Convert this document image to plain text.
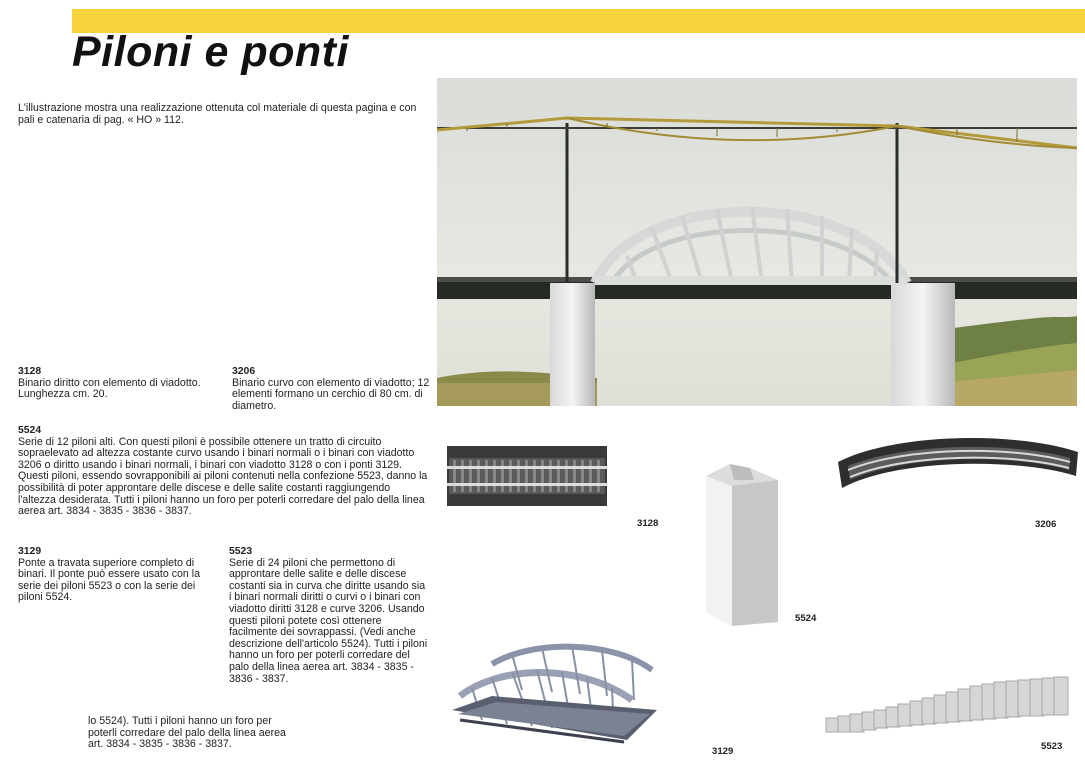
Piloni e ponti
L'illustrazione mostra una realizzazione ottenuta col materiale di questa pagina e con pali e catenaria di pag. « HO » 112.
3128
Binario diritto con elemento di viadotto. Lunghezza cm. 20.
3206
Binario curvo con elemento di viadotto; 12 elementi formano un cerchio di 80 cm. di diametro.
5524
Serie di 12 piloni alti. Con questi piloni è possibile ottenere un tratto di circuito sopraelevato ad altezza costante curvo usando i binari normali o i binari con viadotto 3206 o diritto usando i binari normali, i binari con viadotto 3128 o con i ponti 3129. Questi piloni, essendo sovrapponibili ai piloni contenuti nella confezione 5523, danno la possibilità di poter approntare delle discese e delle salite costanti raggiungendo l'altezza desiderata. Tutti i piloni hanno un foro per poterli corredare del palo della linea aerea art. 3834 - 3835 - 3836 - 3837.
3129
Ponte a travata superiore completo di binari. Il ponte può essere usato con la serie dei piloni 5523 o con la serie dei piloni 5524.
5523
Serie di 24 piloni che permettono di approntare delle salite e delle discese costanti sia in curva che diritte usando sia i binari normali diritti o curvi o i binari con viadotto diritti 3128 e curve 3206. Usando questi piloni potete così ottenere facilmente dei sovrappassi. (Vedi anche descrizione dell'articolo 5524). Tutti i piloni hanno un foro per poterli corredare del palo della linea aerea art. 3834 - 3835 - 3836 - 3837.
lo 5524). Tutti i piloni hanno un foro per poterli corredare del palo della linea aerea art. 3834 - 3835 - 3836 - 3837.
3128	3206
5524
3129	5523
